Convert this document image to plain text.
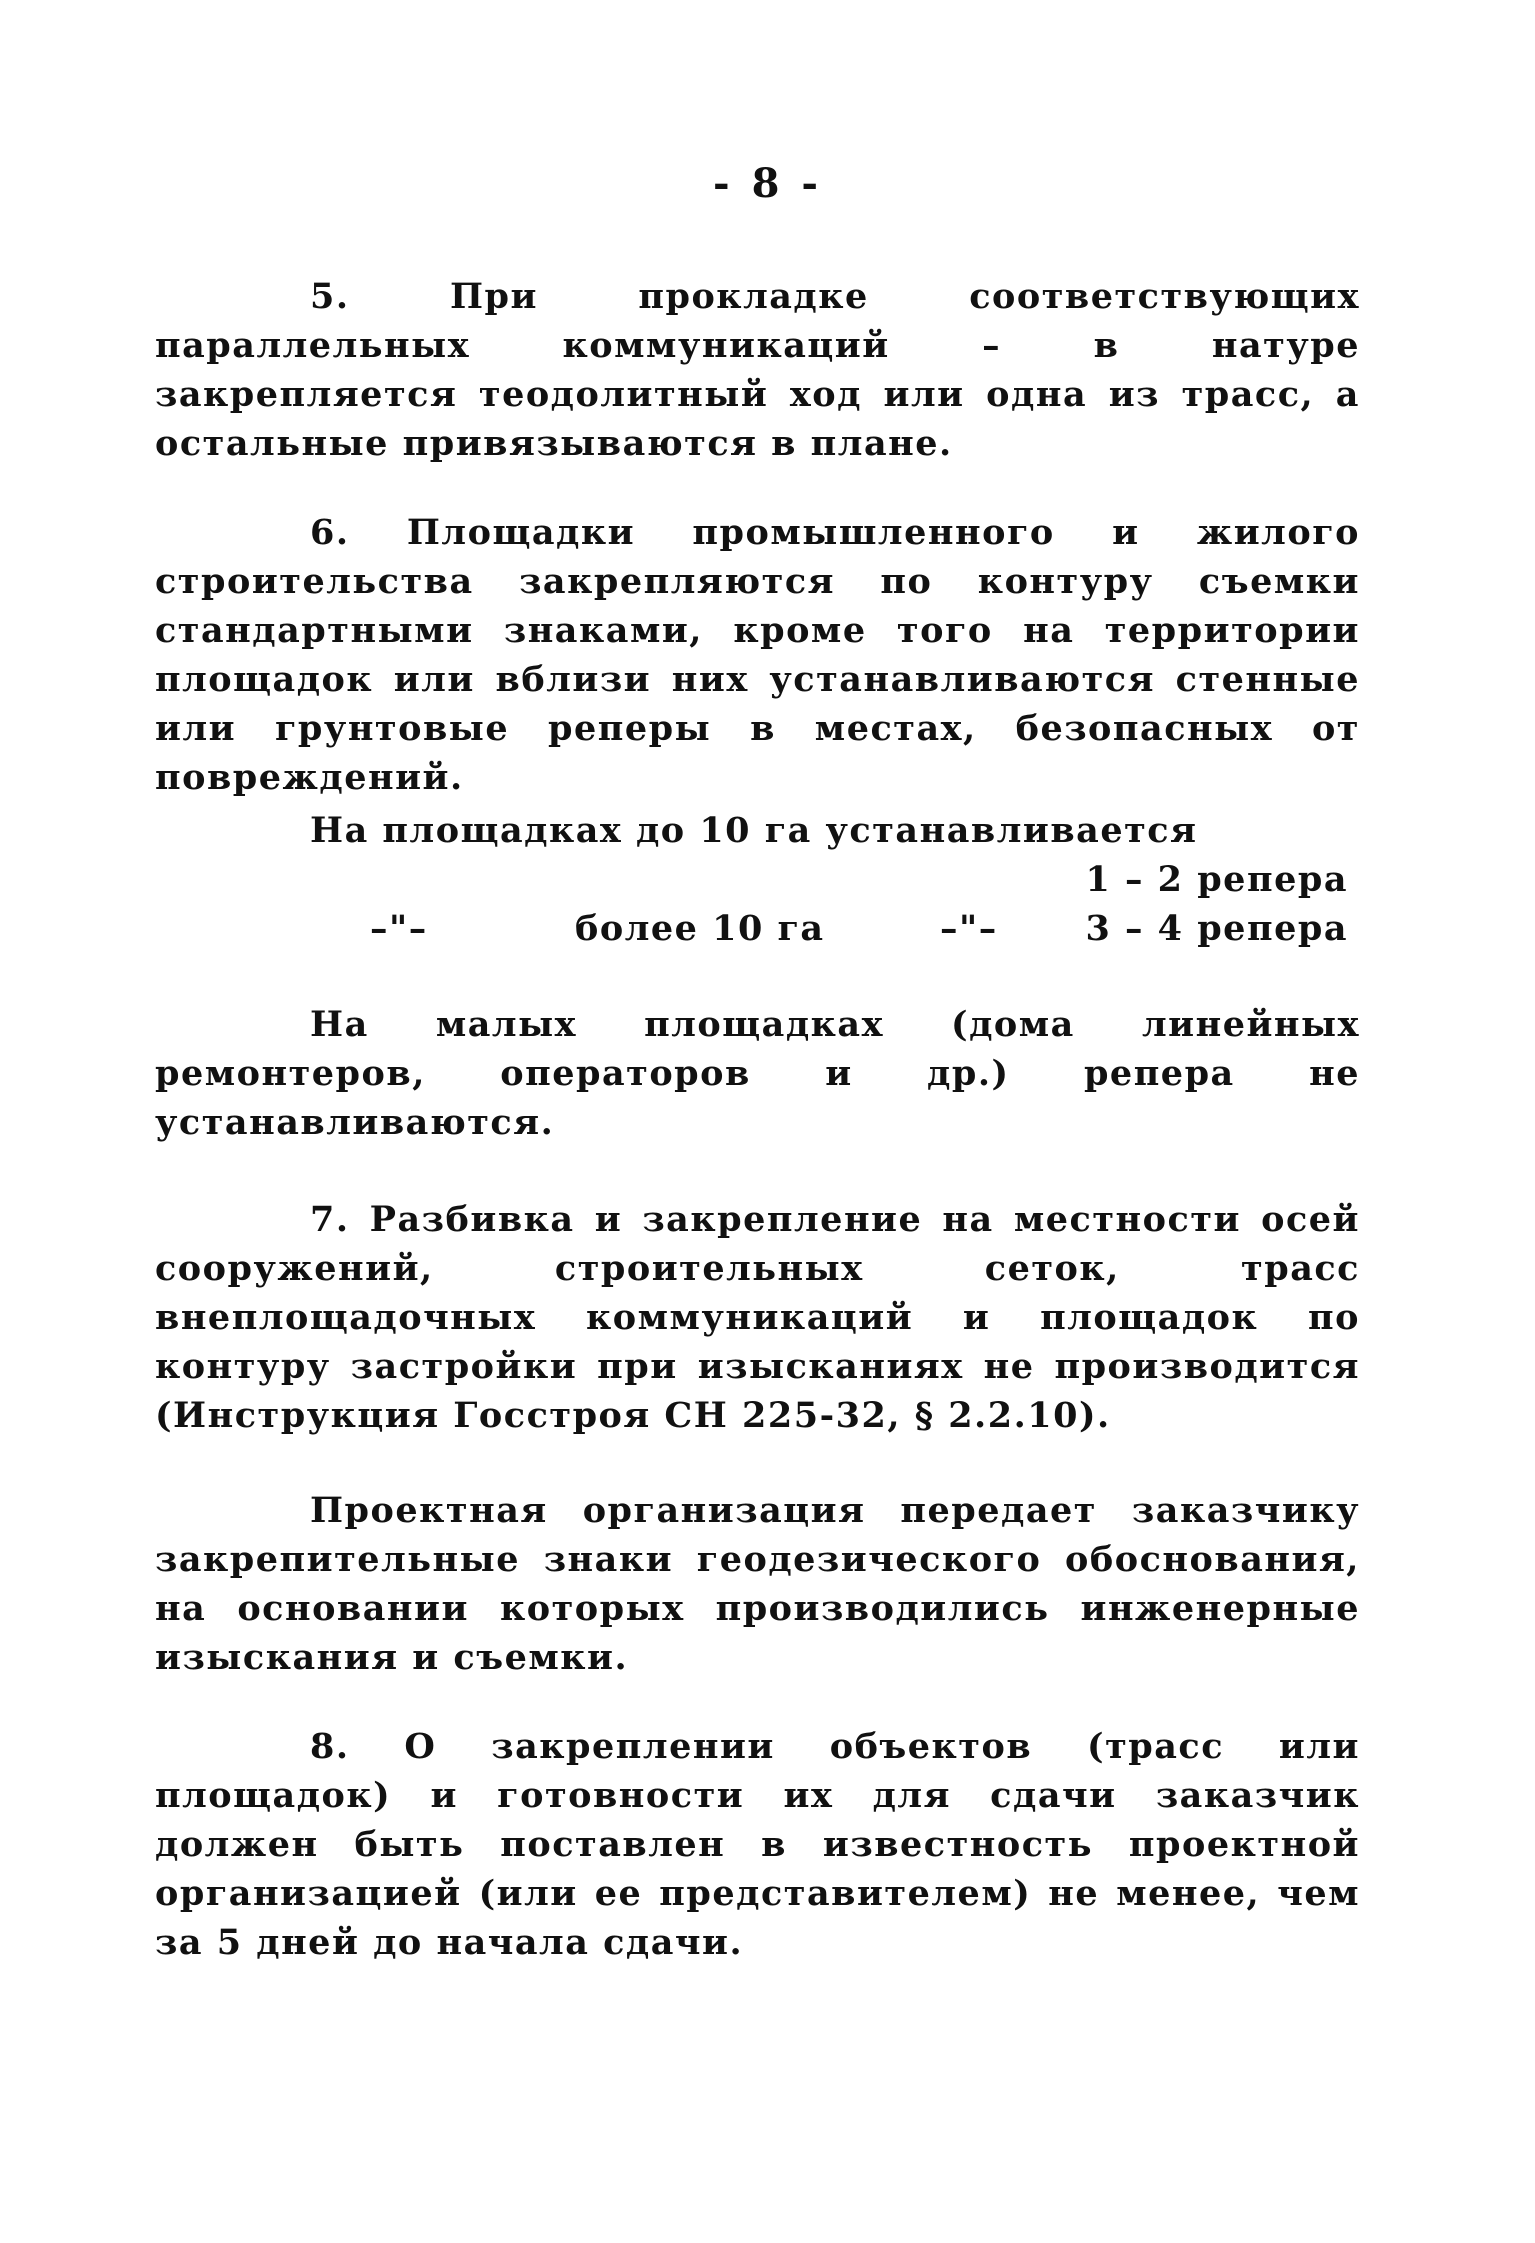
- 8 -

5. При прокладке соответствующих параллельных коммуникаций – в натуре закрепляется теодолитный ход или одна из трасс, а остальные привязываются в плане.

6. Площадки промышленного и жилого строительства закрепляются по контуру съемки стандартными знаками, кроме того на территории площадок или вблизи них устанавливаются стенные или грунтовые реперы в местах, безопасных от повреждений.

На площадках до 10 га устанавливается
1 – 2 репера
–"–	более 10 га	–"–	3 – 4 репера

На малых площадках (дома линейных ремонтеров, операторов и др.) репера не устанавливаются.

7. Разбивка и закрепление на местности осей сооружений, строительных сеток, трасс внеплощадочных коммуникаций и площадок по контуру застройки при изысканиях не производится (Инструкция Госстроя СН 225-32, § 2.2.10).

Проектная организация передает заказчику закрепительные знаки геодезического обоснования, на основании которых производились инженерные изыскания и съемки.

8. О закреплении объектов (трасс или площадок) и готовности их для сдачи заказчик должен быть поставлен в известность проектной организацией (или ее представителем) не менее, чем за 5 дней до начала сдачи.
